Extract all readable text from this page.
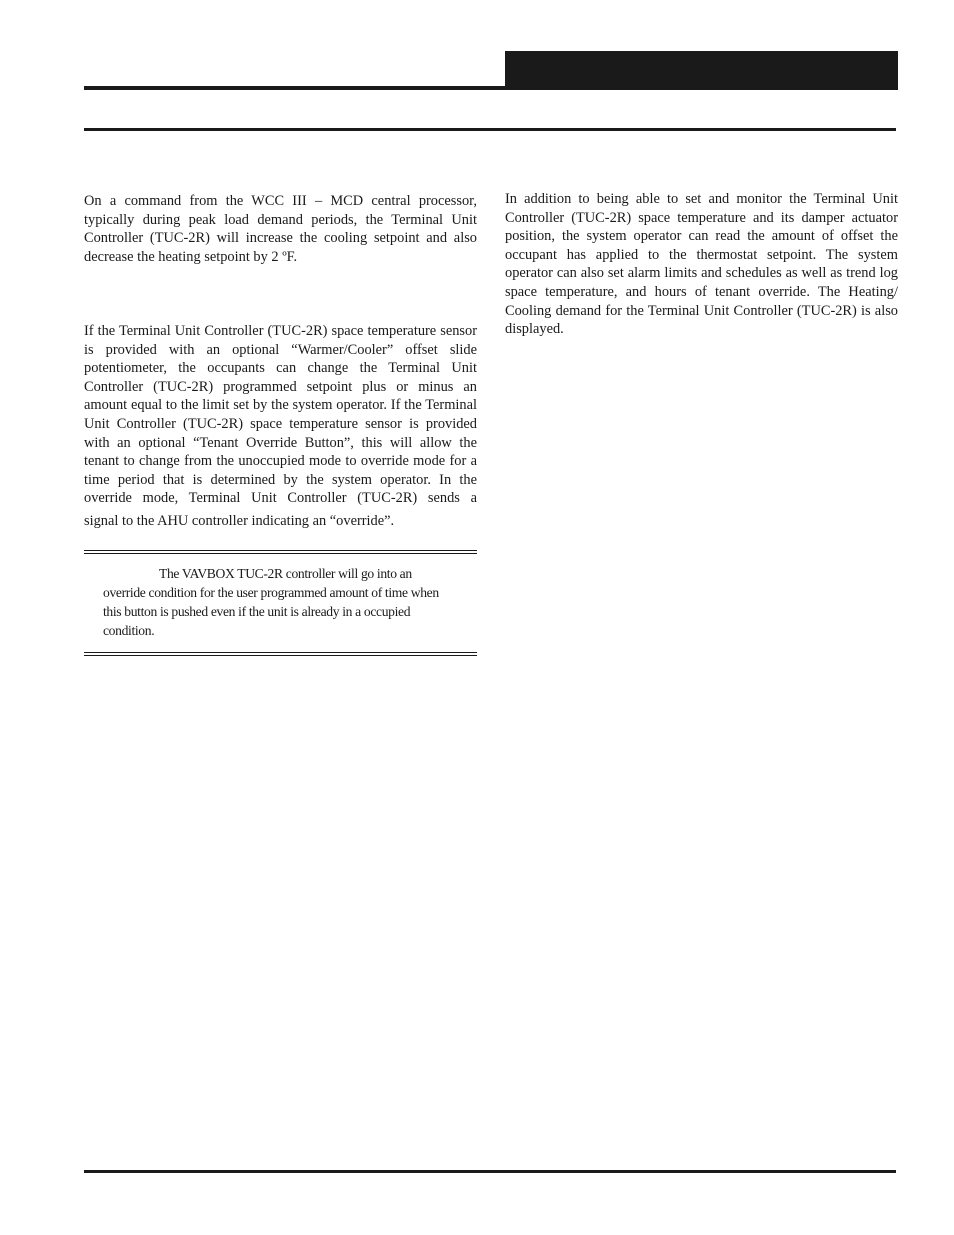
On a command from the WCC III – MCD central processor, typically during peak load demand periods, the Terminal Unit Controller (TUC-2R) will increase the cooling setpoint and also decrease the heating setpoint by 2 ºF.

If the Terminal Unit Controller (TUC-2R) space temperature sensor is provided with an optional “Warmer/Cooler” offset slide potentiometer, the occupants can change the Terminal Unit Controller (TUC-2R) programmed setpoint plus or minus an amount equal to the limit set by the system operator. If the Terminal Unit Controller (TUC-2R) space temperature sensor is provided with an optional “Tenant Override Button”, this will allow the tenant to change from the unoccupied mode to override mode for a time period that is determined by the system operator. In the override mode, Terminal Unit Controller (TUC-2R) sends a signal to the AHU controller indicating an “override”.

The VAVBOX TUC-2R controller will go into an override condition for the user programmed amount of time when this button is pushed even if the unit is already in a occupied condition.

In addition to being able to set and monitor the Terminal Unit Controller (TUC-2R) space temperature and its damper actuator position, the system operator can read the amount of offset the occupant has applied to the thermostat setpoint. The system operator can also set alarm limits and schedules as well as trend log space temperature, and hours of tenant override. The Heating/ Cooling demand for the Terminal Unit Controller (TUC-2R) is also displayed.
